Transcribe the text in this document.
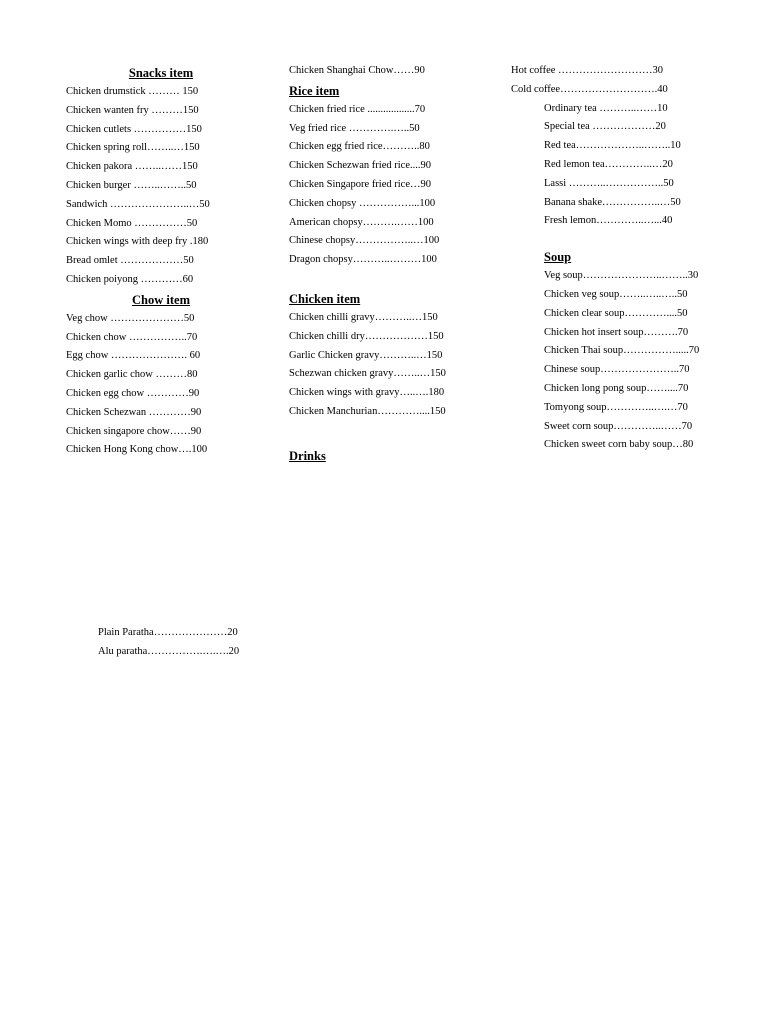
Snacks item
Chicken drumstick ……… 150
Chicken wanten fry ………150
Chicken cutlets ……………150
Chicken spring roll……..…150
Chicken pakora ……..……150
Chicken burger ……..……..50
Sandwich …………………..…50
Chicken Momo ……………50
Chicken wings with deep fry .180
Bread omlet ………………50
Chicken poiyong …………60
Chow item
Veg chow …………………50
Chicken chow ……………..70
Egg chow …………………. 60
Chicken garlic chow ………80
Chicken egg chow …………90
Chicken Schezwan …………90
Chicken singapore chow……90
Chicken Hong Kong chow….100
Chicken Shanghai Chow……90
Rice item
Chicken fried rice ..................70
Veg fried rice ………….…..50
Chicken egg fried rice………..80
Chicken Schezwan fried rice....90
Chicken Singapore fried rice…90
Chicken chopsy ……………...100
American chopsy……….……100
Chinese chopsy……………..…100
Dragon chopsy………..………100
Chicken item
Chicken chilli gravy………..…150
Chicken chilli dry………………150
Garlic Chicken gravy………..…150
Schezwan chicken gravy……..…150
Chicken wings with gravy…..….180
Chicken Manchurian…………....150
Drinks
Hot coffee ………………………30
Cold coffee……………………….40
Ordinary tea ………..……10
Special tea ………………20
Red tea………………..……..10
Red lemon tea…………..…20
Lassi ………..……………..50
Banana shake……………..…50
Fresh lemon…………..…...40
Soup
Veg soup…………………..……..30
Chicken veg soup……..…..…..50
Chicken clear soup…………....50
Chicken hot insert soup……….70
Chicken Thai soup…………….....70
Chinese soup…………………..70
Chicken long pong soup……....70
Tomyong soup…………..….…70
Sweet corn soup…………..……70
Chicken sweet corn baby soup…80
Plain Paratha…………………20
Alu paratha…………….….….20
